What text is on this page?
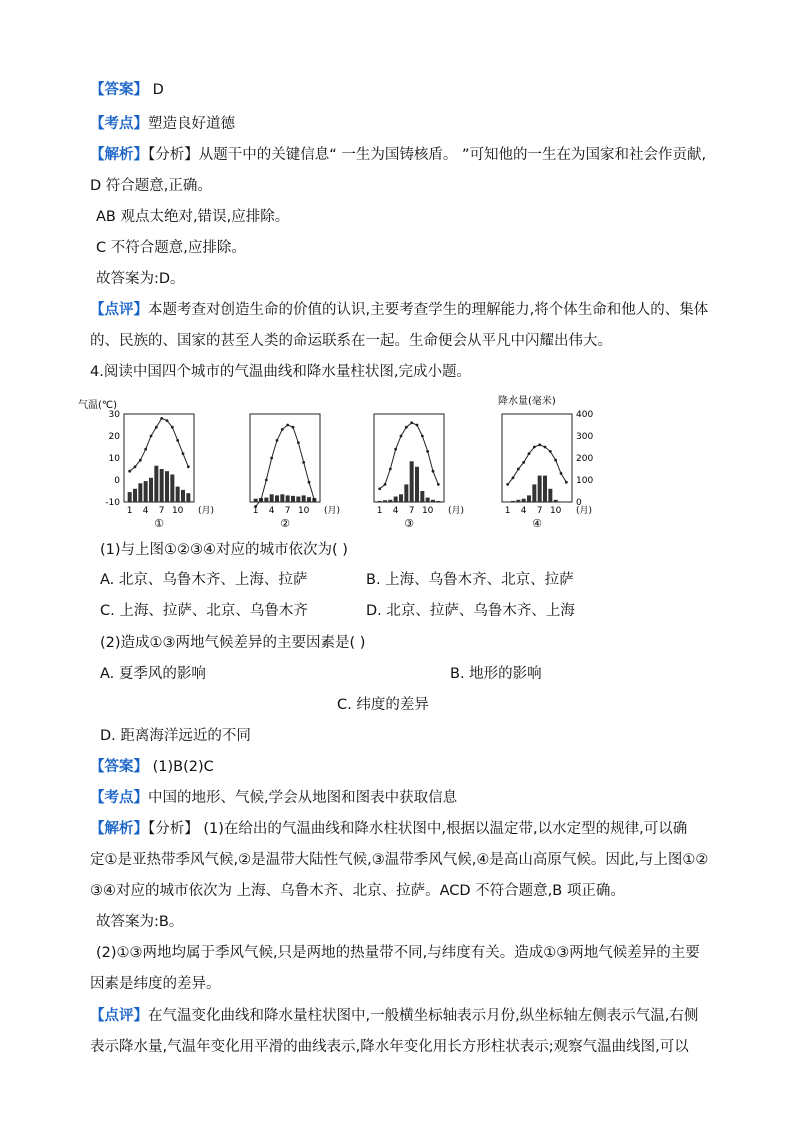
【答案】 D
【考点】塑造良好道德
【解析】【分析】从题干中的关键信息“ 一生为国铸核盾。 ”可知他的一生在为国家和社会作贡献,
D 符合题意,正确。
AB 观点太绝对,错误,应排除。
C 不符合题意,应排除。
故答案为:D。
【点评】本题考查对创造生命的价值的认识,主要考查学生的理解能力,将个体生命和他人的、集体
的、民族的、国家的甚至人类的命运联系在一起。生命便会从平凡中闪耀出伟大。
4.阅读中国四个城市的气温曲线和降水量柱状图,完成小题。
1 4 7 10 (月)
①
气温(℃)
30
20
10
0
-10
1 4 7 10 (月)
②
1 4 7 10 (月)
③
1 4 7 10 (月)
④
降水量(毫米)
400
300
200
100
0
(1)与上图①②③④对应的城市依次为( )
A. 北京、乌鲁木齐、上海、拉萨	B. 上海、乌鲁木齐、北京、拉萨
C. 上海、拉萨、北京、乌鲁木齐	D. 北京、拉萨、乌鲁木齐、上海
(2)造成①③两地气候差异的主要因素是( )
A. 夏季风的影响	B. 地形的影响
C. 纬度的差异
D. 距离海洋远近的不同
【答案】 (1)B(2)C
【考点】中国的地形、气候,学会从地图和图表中获取信息
【解析】【分析】 (1)在给出的气温曲线和降水柱状图中,根据以温定带,以水定型的规律,可以确
定①是亚热带季风气候,②是温带大陆性气候,③温带季风气候,④是高山高原气候。因此,与上图①②
③④对应的城市依次为 上海、乌鲁木齐、北京、拉萨。ACD 不符合题意,B 项正确。
故答案为:B。
(2)①③两地均属于季风气候,只是两地的热量带不同,与纬度有关。造成①③两地气候差异的主要
因素是纬度的差异。
【点评】在气温变化曲线和降水量柱状图中,一般横坐标轴表示月份,纵坐标轴左侧表示气温,右侧
表示降水量,气温年变化用平滑的曲线表示,降水年变化用长方形柱状表示;观察气温曲线图,可以
